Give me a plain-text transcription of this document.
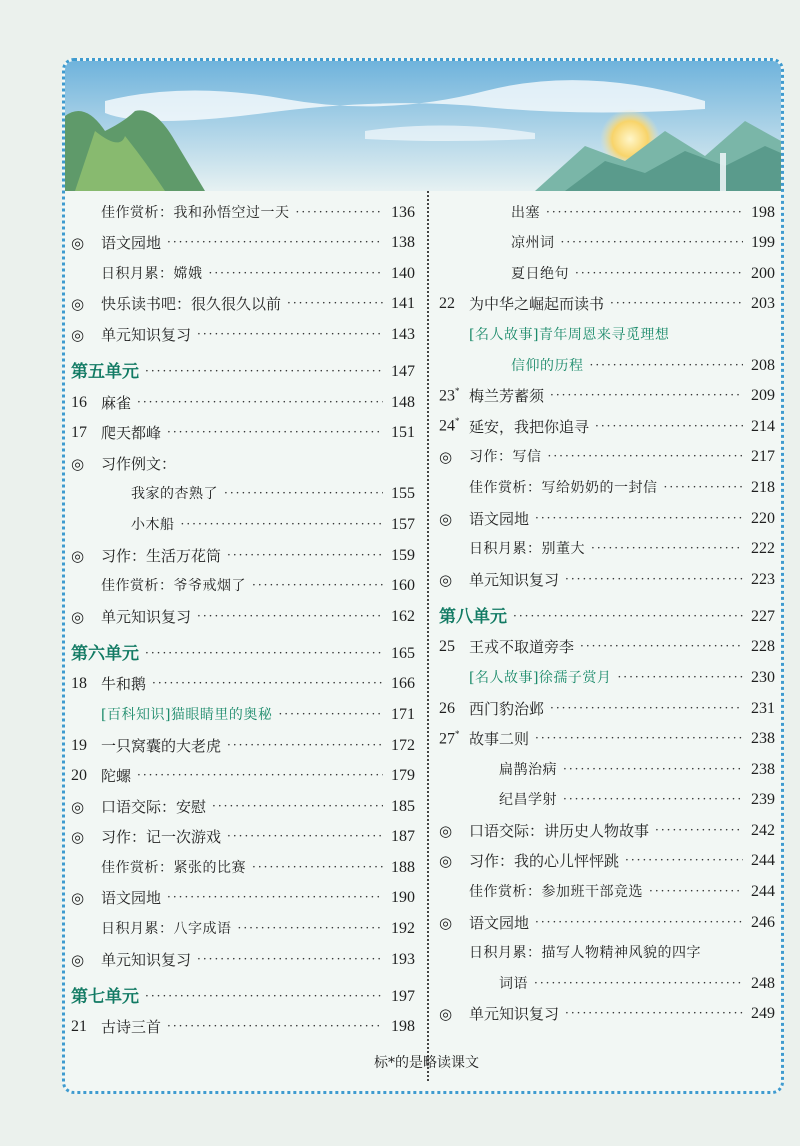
佳作赏析：我和孙悟空过一天 ·····	136
◎	语文园地 ·····	138
日积月累：嫦娥 ·····	140
◎	快乐读书吧：很久很久以前 ·····	141
◎	单元知识复习 ·····	143
第五单元 ·····	147
16 麻雀 ·····	148
17 爬天都峰 ·····	151
◎	习作例文：
我家的杏熟了 ·····	155
小木船 ·····	157
◎	习作：生活万花筒 ·····	159
佳作赏析：爷爷戒烟了 ·····	160
◎	单元知识复习 ·····	162
第六单元 ·····	165
18 牛和鹅 ·····	166
[百科知识]猫眼睛里的奥秘 ·····	171
19 一只窝囊的大老虎 ·····	172
20 陀螺 ·····	179
◎	口语交际：安慰 ·····	185
◎	习作：记一次游戏 ·····	187
佳作赏析：紧张的比赛 ·····	188
◎	语文园地 ·····	190
日积月累：八字成语 ·····	192
◎	单元知识复习 ·····	193
第七单元 ·····	197
21 古诗三首 ·····	198
出塞 ·····	198
凉州词 ·····	199
夏日绝句 ·····	200
22 为中华之崛起而读书 ·····	203
[名人故事]青年周恩来寻觅理想
信仰的历程 ·····	208
23* 梅兰芳蓄须 ·····	209
24* 延安，我把你追寻 ·····	214
◎	习作：写信 ·····	217
佳作赏析：写给奶奶的一封信 ·····	218
◎	语文园地 ·····	220
日积月累：别董大 ·····	222
◎	单元知识复习 ·····	223
第八单元 ·····	227
25 王戎不取道旁李 ·····	228
[名人故事]徐孺子赏月 ·····	230
26 西门豹治邺 ·····	231
27* 故事二则 ·····	238
扁鹊治病 ·····	238
纪昌学射 ·····	239
◎	口语交际：讲历史人物故事 ·····	242
◎	习作：我的心儿怦怦跳 ·····	244
佳作赏析：参加班干部竞选 ·····	244
◎	语文园地 ·····	246
日积月累：描写人物精神风貌的四字
词语 ·····	248
◎	单元知识复习 ·····	249
标*的是略读课文
